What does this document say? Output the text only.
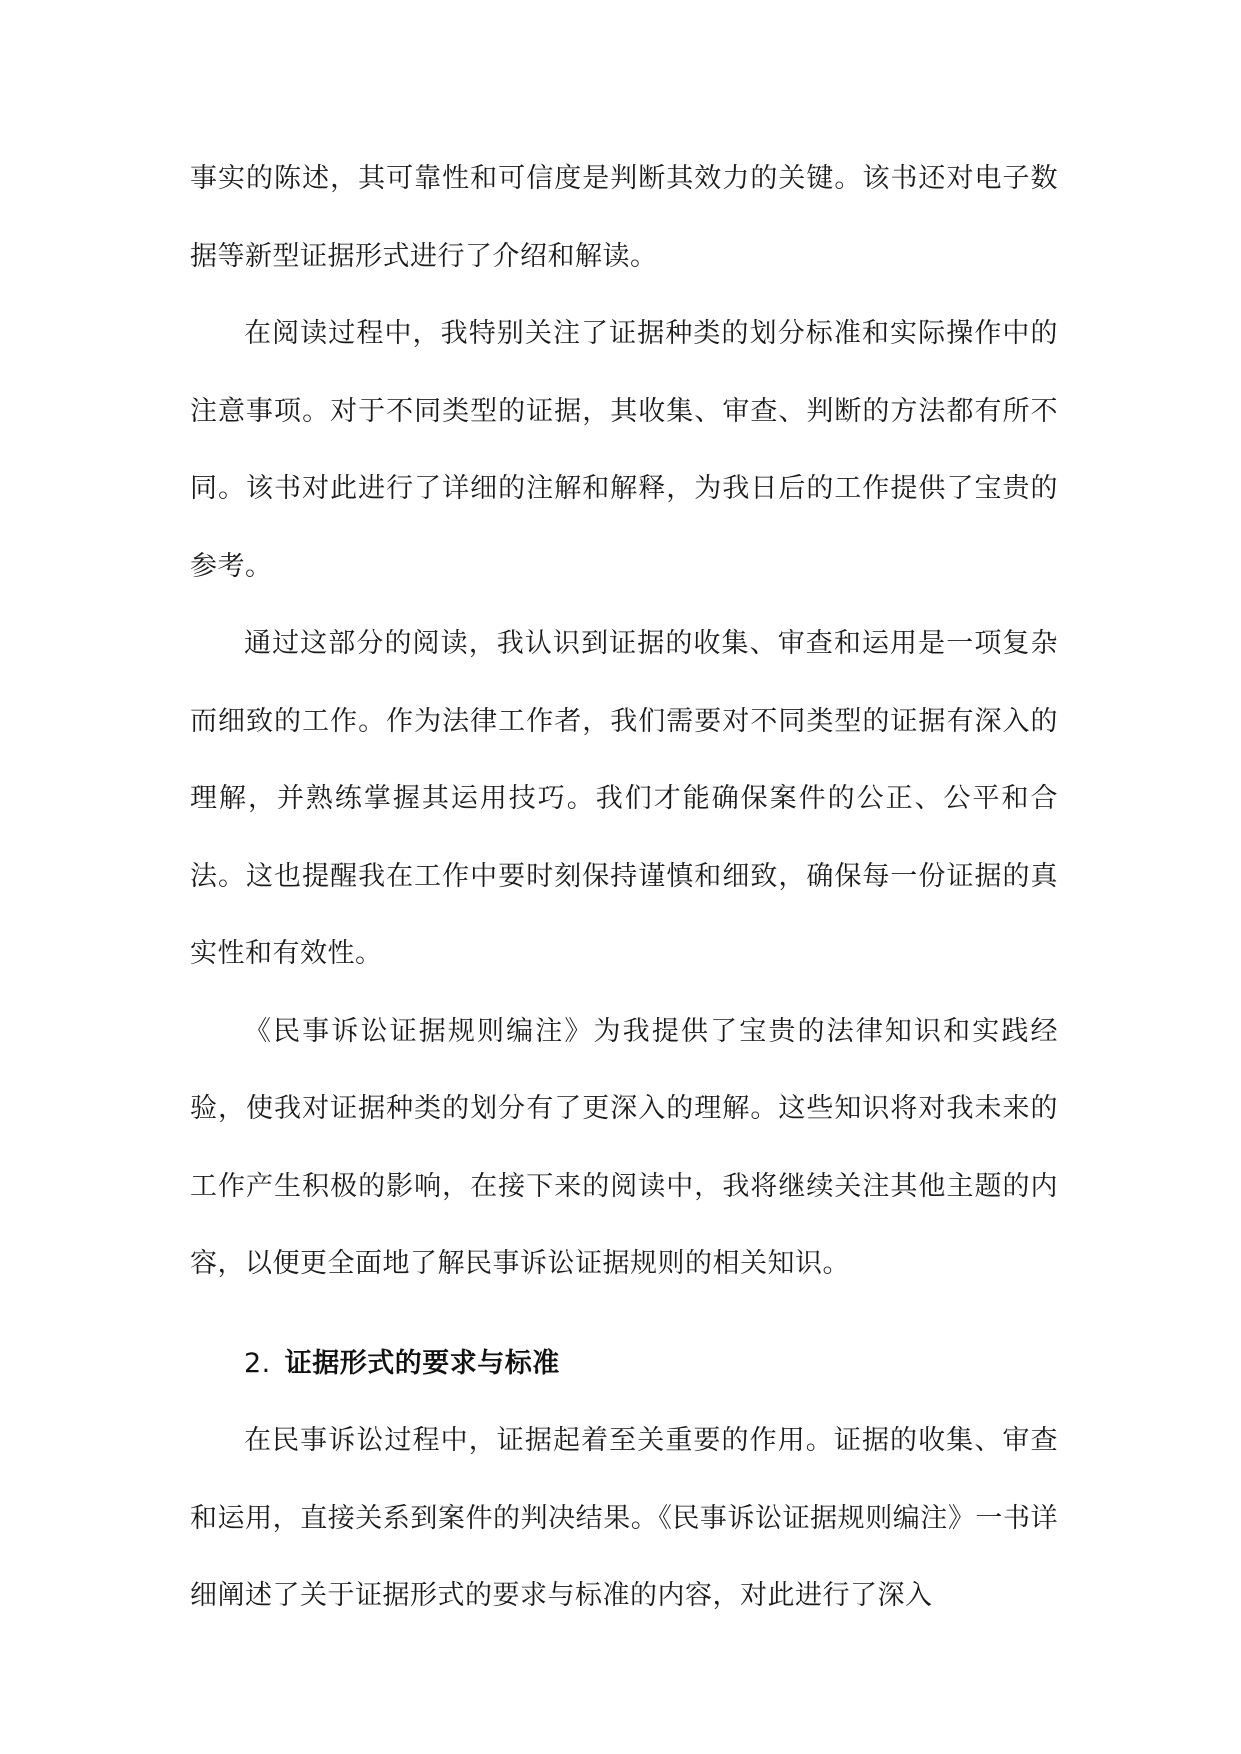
事实的陈述，其可靠性和可信度是判断其效力的关键。该书还对电子数据等新型证据形式进行了介绍和解读。

在阅读过程中，我特别关注了证据种类的划分标准和实际操作中的注意事项。对于不同类型的证据，其收集、审查、判断的方法都有所不同。该书对此进行了详细的注解和解释，为我日后的工作提供了宝贵的参考。

通过这部分的阅读，我认识到证据的收集、审查和运用是一项复杂而细致的工作。作为法律工作者，我们需要对不同类型的证据有深入的理解，并熟练掌握其运用技巧。我们才能确保案件的公正、公平和合法。这也提醒我在工作中要时刻保持谨慎和细致，确保每一份证据的真实性和有效性。

《民事诉讼证据规则编注》为我提供了宝贵的法律知识和实践经验，使我对证据种类的划分有了更深入的理解。这些知识将对我未来的工作产生积极的影响，在接下来的阅读中，我将继续关注其他主题的内容，以便更全面地了解民事诉讼证据规则的相关知识。

2. 证据形式的要求与标准

在民事诉讼过程中，证据起着至关重要的作用。证据的收集、审查和运用，直接关系到案件的判决结果。《民事诉讼证据规则编注》一书详细阐述了关于证据形式的要求与标准的内容，对此进行了深入
